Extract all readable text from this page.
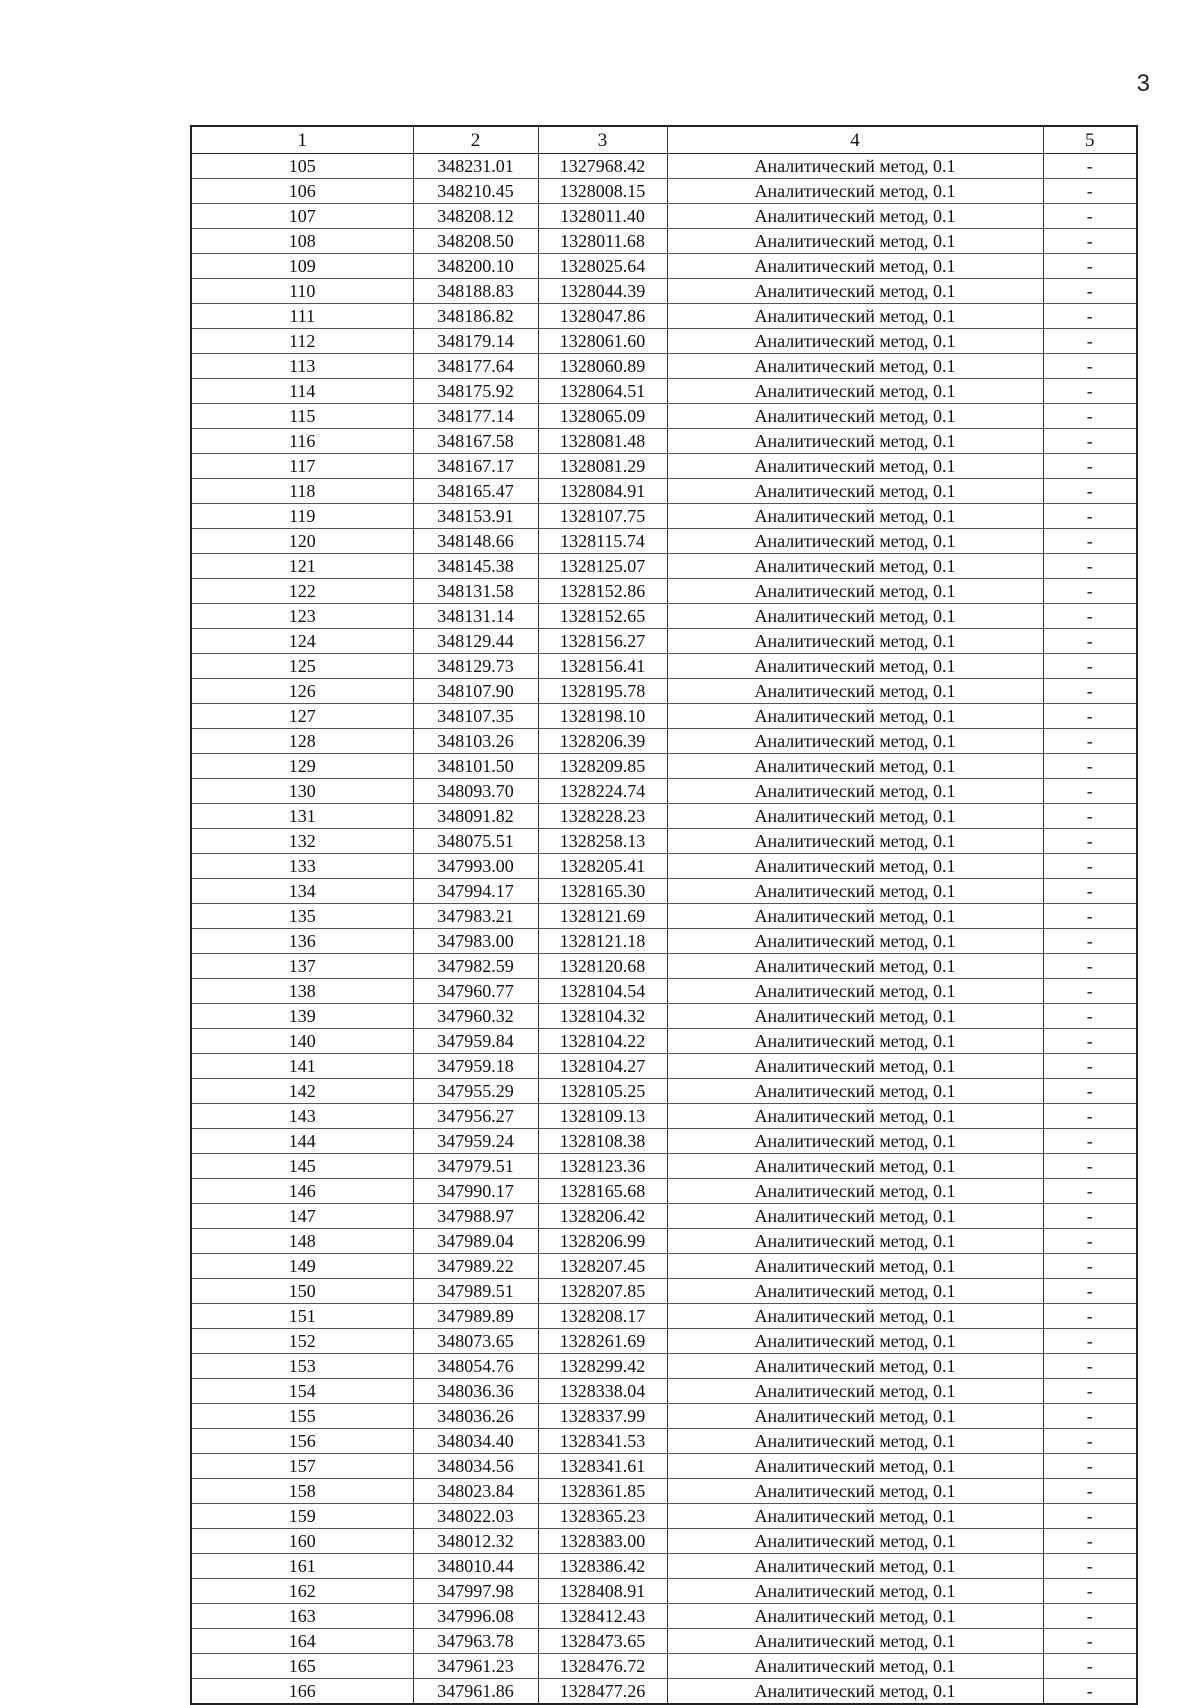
3
1	2	3	4	5
105	348231.01	1327968.42	Аналитический метод, 0.1	-
106	348210.45	1328008.15	Аналитический метод, 0.1	-
107	348208.12	1328011.40	Аналитический метод, 0.1	-
108	348208.50	1328011.68	Аналитический метод, 0.1	-
109	348200.10	1328025.64	Аналитический метод, 0.1	-
110	348188.83	1328044.39	Аналитический метод, 0.1	-
111	348186.82	1328047.86	Аналитический метод, 0.1	-
112	348179.14	1328061.60	Аналитический метод, 0.1	-
113	348177.64	1328060.89	Аналитический метод, 0.1	-
114	348175.92	1328064.51	Аналитический метод, 0.1	-
115	348177.14	1328065.09	Аналитический метод, 0.1	-
116	348167.58	1328081.48	Аналитический метод, 0.1	-
117	348167.17	1328081.29	Аналитический метод, 0.1	-
118	348165.47	1328084.91	Аналитический метод, 0.1	-
119	348153.91	1328107.75	Аналитический метод, 0.1	-
120	348148.66	1328115.74	Аналитический метод, 0.1	-
121	348145.38	1328125.07	Аналитический метод, 0.1	-
122	348131.58	1328152.86	Аналитический метод, 0.1	-
123	348131.14	1328152.65	Аналитический метод, 0.1	-
124	348129.44	1328156.27	Аналитический метод, 0.1	-
125	348129.73	1328156.41	Аналитический метод, 0.1	-
126	348107.90	1328195.78	Аналитический метод, 0.1	-
127	348107.35	1328198.10	Аналитический метод, 0.1	-
128	348103.26	1328206.39	Аналитический метод, 0.1	-
129	348101.50	1328209.85	Аналитический метод, 0.1	-
130	348093.70	1328224.74	Аналитический метод, 0.1	-
131	348091.82	1328228.23	Аналитический метод, 0.1	-
132	348075.51	1328258.13	Аналитический метод, 0.1	-
133	347993.00	1328205.41	Аналитический метод, 0.1	-
134	347994.17	1328165.30	Аналитический метод, 0.1	-
135	347983.21	1328121.69	Аналитический метод, 0.1	-
136	347983.00	1328121.18	Аналитический метод, 0.1	-
137	347982.59	1328120.68	Аналитический метод, 0.1	-
138	347960.77	1328104.54	Аналитический метод, 0.1	-
139	347960.32	1328104.32	Аналитический метод, 0.1	-
140	347959.84	1328104.22	Аналитический метод, 0.1	-
141	347959.18	1328104.27	Аналитический метод, 0.1	-
142	347955.29	1328105.25	Аналитический метод, 0.1	-
143	347956.27	1328109.13	Аналитический метод, 0.1	-
144	347959.24	1328108.38	Аналитический метод, 0.1	-
145	347979.51	1328123.36	Аналитический метод, 0.1	-
146	347990.17	1328165.68	Аналитический метод, 0.1	-
147	347988.97	1328206.42	Аналитический метод, 0.1	-
148	347989.04	1328206.99	Аналитический метод, 0.1	-
149	347989.22	1328207.45	Аналитический метод, 0.1	-
150	347989.51	1328207.85	Аналитический метод, 0.1	-
151	347989.89	1328208.17	Аналитический метод, 0.1	-
152	348073.65	1328261.69	Аналитический метод, 0.1	-
153	348054.76	1328299.42	Аналитический метод, 0.1	-
154	348036.36	1328338.04	Аналитический метод, 0.1	-
155	348036.26	1328337.99	Аналитический метод, 0.1	-
156	348034.40	1328341.53	Аналитический метод, 0.1	-
157	348034.56	1328341.61	Аналитический метод, 0.1	-
158	348023.84	1328361.85	Аналитический метод, 0.1	-
159	348022.03	1328365.23	Аналитический метод, 0.1	-
160	348012.32	1328383.00	Аналитический метод, 0.1	-
161	348010.44	1328386.42	Аналитический метод, 0.1	-
162	347997.98	1328408.91	Аналитический метод, 0.1	-
163	347996.08	1328412.43	Аналитический метод, 0.1	-
164	347963.78	1328473.65	Аналитический метод, 0.1	-
165	347961.23	1328476.72	Аналитический метод, 0.1	-
166	347961.86	1328477.26	Аналитический метод, 0.1	-
